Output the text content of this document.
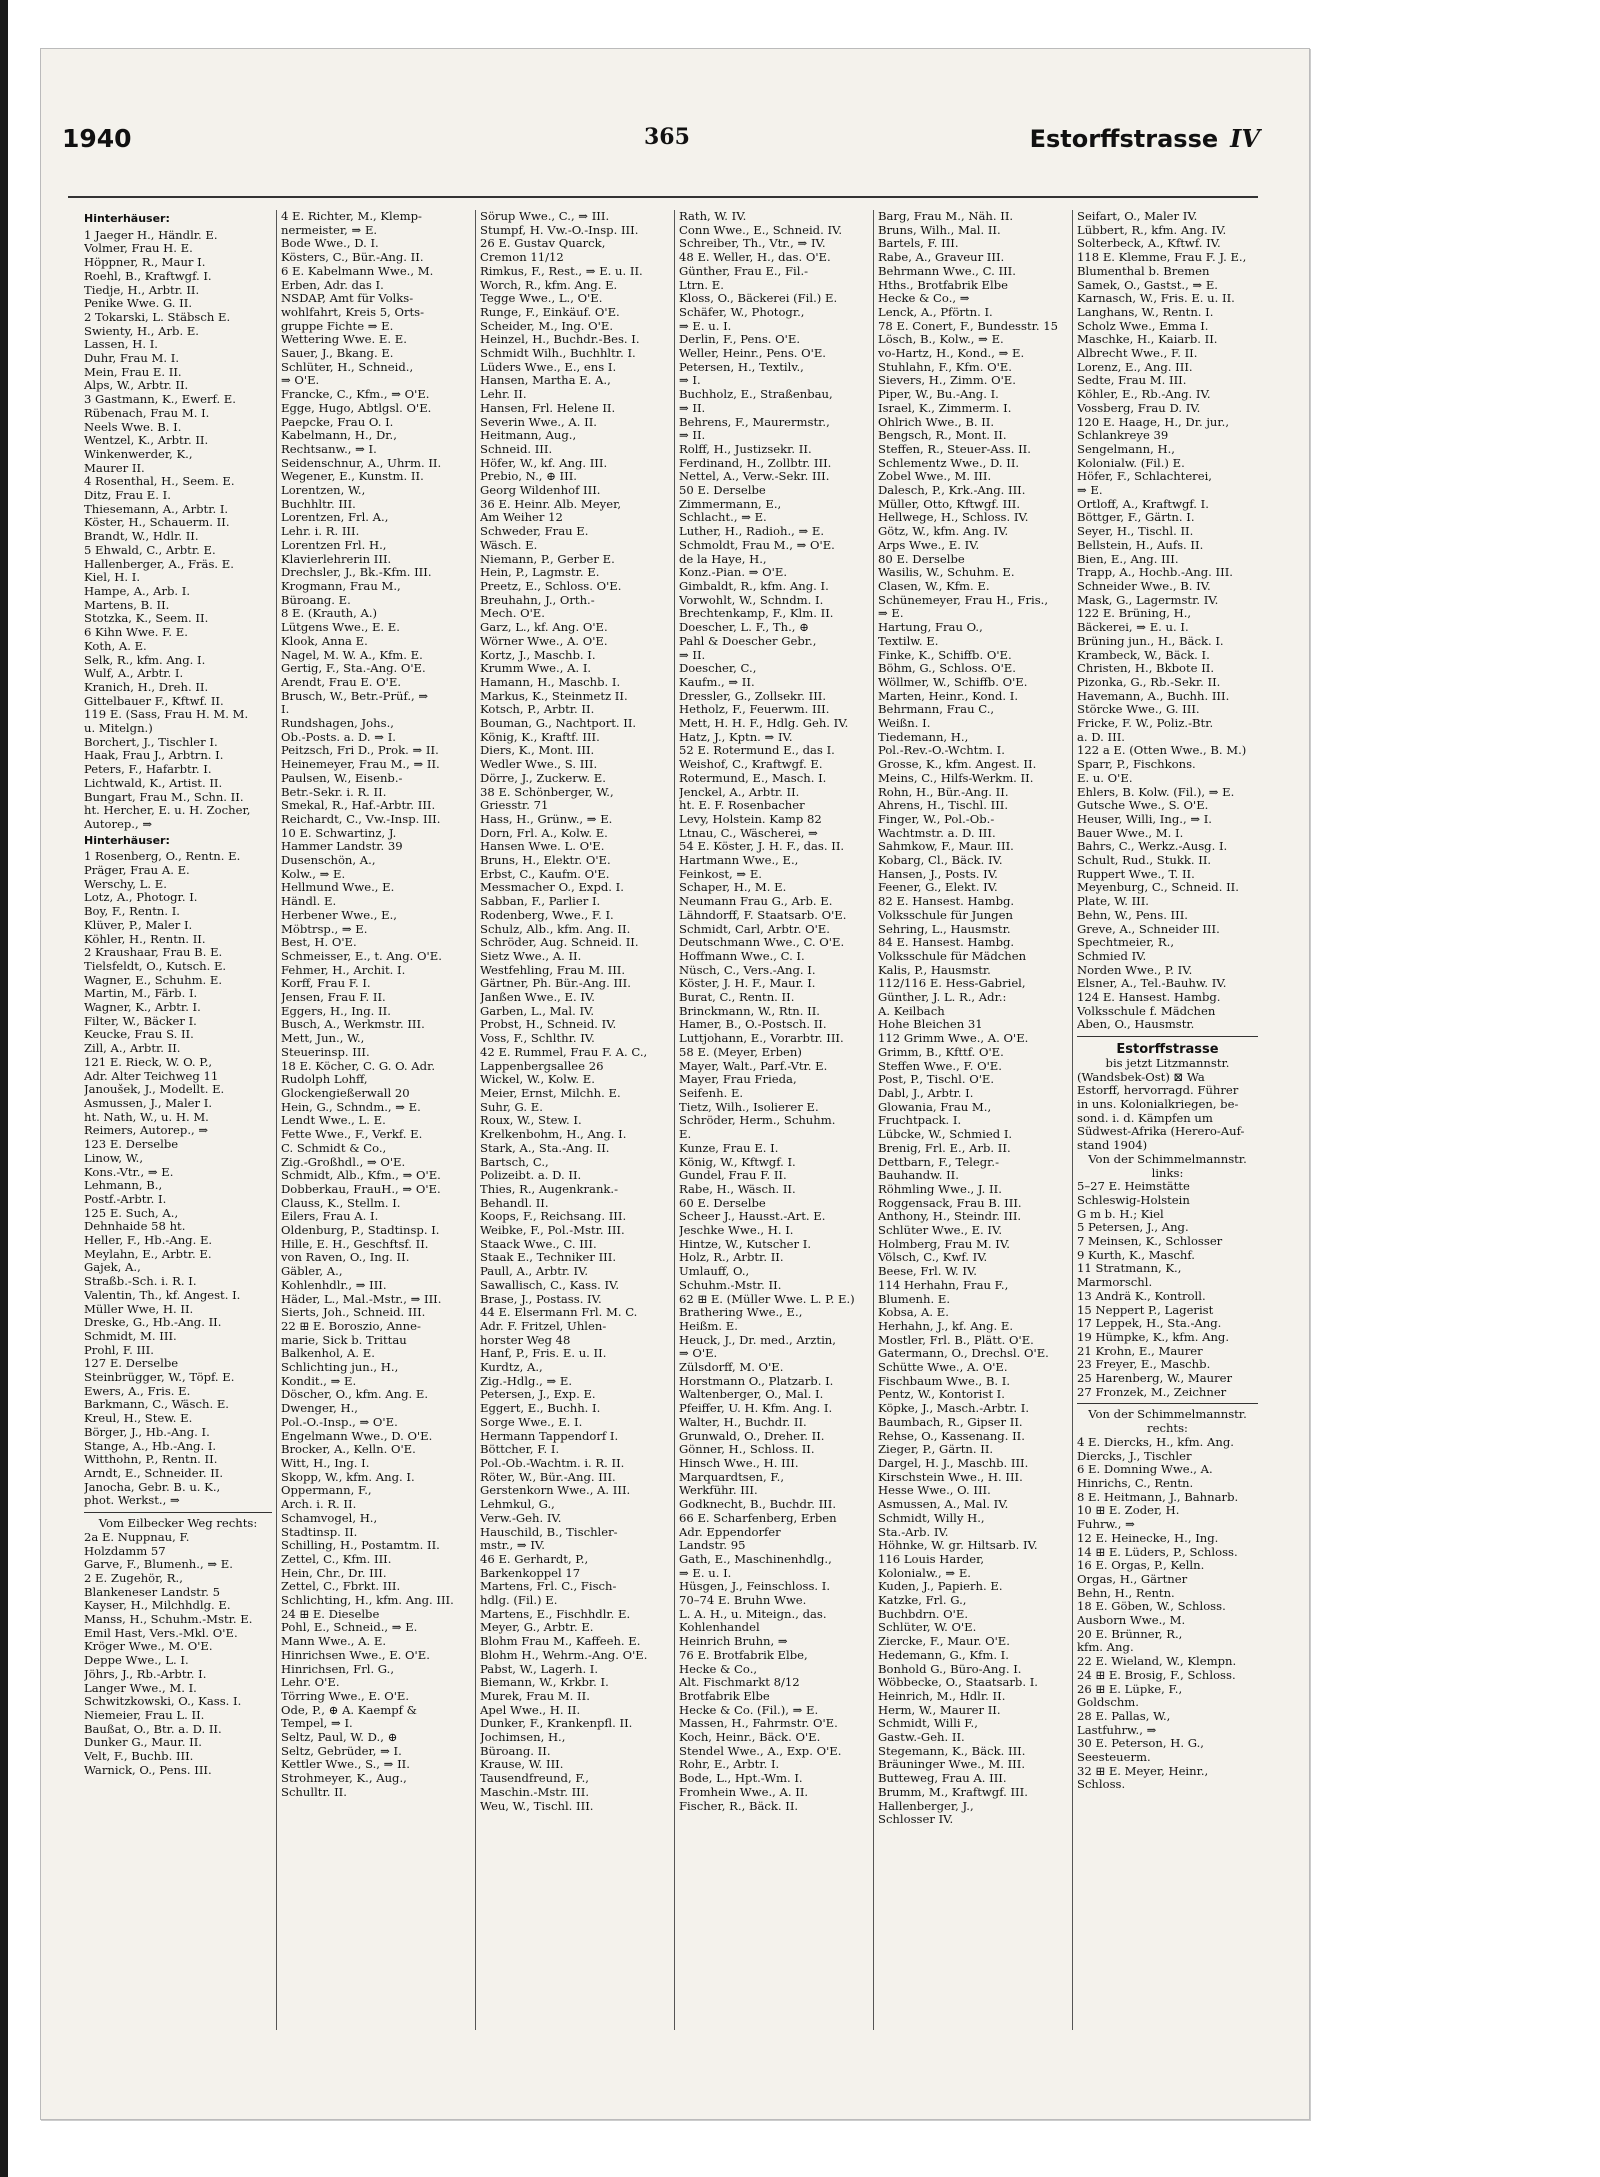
1940	365	Estorffstrasse IV
Hinterhäuser:
1 Jaeger H., Händlr. E.
Volmer, Frau H. E.
Höppner, R., Maur I.
Roehl, B., Kraftwgf. I.
Tiedje, H., Arbtr. II.
Penike Wwe. G. II.
2 Tokarski, L. Stäbsch E.
Swienty, H., Arb. E.
Lassen, H. I.
Duhr, Frau M. I.
Mein, Frau E. II.
Alps, W., Arbtr. II.
3 Gastmann, K., Ewerf. E.
Rübenach, Frau M. I.
Neels Wwe. B. I.
Wentzel, K., Arbtr. II.
Winkenwerder, K.,
Maurer II.
4 Rosenthal, H., Seem. E.
Ditz, Frau E. I.
Thiesemann, A., Arbtr. I.
Köster, H., Schauerm. II.
Brandt, W., Hdlr. II.
5 Ehwald, C., Arbtr. E.
Hallenberger, A., Fräs. E.
Kiel, H. I.
Hampe, A., Arb. I.
Martens, B. II.
Stotzka, K., Seem. II.
6 Kihn Wwe. F. E.
Koth, A. E.
Selk, R., kfm. Ang. I.
Wulf, A., Arbtr. I.
Kranich, H., Dreh. II.
Gittelbauer F., Kftwf. II.
119 E. (Sass, Frau H. M. M.
u. Mitelgn.)
Borchert, J., Tischler I.
Haak, Frau J., Arbtrn. I.
Peters, F., Hafarbtr. I.
Lichtwald, K., Artist. II.
Bungart, Frau M., Schn. II.
ht. Hercher, E. u. H. Zocher,
Autorep., ⇒
Hinterhäuser:
1 Rosenberg, O., Rentn. E.
Präger, Frau A. E.
Werschy, L. E.
Lotz, A., Photogr. I.
Boy, F., Rentn. I.
Klüver, P., Maler I.
Köhler, H., Rentn. II.
2 Kraushaar, Frau B. E.
Tielsfeldt, O., Kutsch. E.
Wagner, E., Schuhm. E.
Martin, M., Färb. I.
Wagner, K., Arbtr. I.
Filter, W., Bäcker I.
Keucke, Frau S. II.
Zill, A., Arbtr. II.
121 E. Rieck, W. O. P.,
Adr. Alter Teichweg 11
Janoušek, J., Modellt. E.
Asmussen, J., Maler I.
ht. Nath, W., u. H. M.
Reimers, Autorep., ⇒
123 E. Derselbe
Linow, W.,
Kons.-Vtr., ⇒ E.
Lehmann, B.,
Postf.-Arbtr. I.
125 E. Such, A.,
Dehnhaide 58 ht.
Heller, F., Hb.-Ang. E.
Meylahn, E., Arbtr. E.
Gajek, A.,
Straßb.-Sch. i. R. I.
Valentin, Th., kf. Angest. I.
Müller Wwe, H. II.
Dreske, G., Hb.-Ang. II.
Schmidt, M. III.
Prohl, F. III.
127 E. Derselbe
Steinbrügger, W., Töpf. E.
Ewers, A., Fris. E.
Barkmann, C., Wäsch. E.
Kreul, H., Stew. E.
Börger, J., Hb.-Ang. I.
Stange, A., Hb.-Ang. I.
Witthohn, P., Rentn. II.
Arndt, E., Schneider. II.
Janocha, Gebr. B. u. K.,
phot. Werkst., ⇒
Vom Eilbecker Weg rechts:
2a E. Nuppnau, F.
Holzdamm 57
Garve, F., Blumenh., ⇒ E.
2 E. Zugehör, R.,
Blankeneser Landstr. 5
Kayser, H., Milchhdlg. E.
Manss, H., Schuhm.-Mstr. E.
Emil Hast, Vers.-Mkl. O'E.
Kröger Wwe., M. O'E.
Deppe Wwe., L. I.
Jöhrs, J., Rb.-Arbtr. I.
Langer Wwe., M. I.
Schwitzkowski, O., Kass. I.
Niemeier, Frau L. II.
Baußat, O., Btr. a. D. II.
Dunker G., Maur. II.
Velt, F., Buchb. III.
Warnick, O., Pens. III.
4 E. Richter, M., Klemp-
nermeister, ⇒ E.
Bode Wwe., D. I.
Kösters, C., Bür.-Ang. II.
6 E. Kabelmann Wwe., M.
Erben, Adr. das I.
NSDAP, Amt für Volks-
wohlfahrt, Kreis 5, Orts-
gruppe Fichte ⇒ E.
Wettering Wwe. E. E.
Sauer, J., Bkang. E.
Schlüter, H., Schneid.,
⇒ O'E.
Francke, C., Kfm., ⇒ O'E.
Egge, Hugo, Abtlgsl. O'E.
Paepcke, Frau O. I.
Kabelmann, H., Dr.,
Rechtsanw., ⇒ I.
Seidenschnur, A., Uhrm. II.
Wegener, E., Kunstm. II.
Lorentzen, W.,
Buchhltr. III.
Lorentzen, Frl. A.,
Lehr. i. R. III.
Lorentzen Frl. H.,
Klavierlehrerin III.
Drechsler, J., Bk.-Kfm. III.
Krogmann, Frau M.,
Büroang. E.
8 E. (Krauth, A.)
Lütgens Wwe., E. E.
Klook, Anna E.
Nagel, M. W. A., Kfm. E.
Gertig, F., Sta.-Ang. O'E.
Arendt, Frau E. O'E.
Brusch, W., Betr.-Prüf., ⇒
I.
Rundshagen, Johs.,
Ob.-Posts. a. D. ⇒ I.
Peitzsch, Fri D., Prok. ⇒ II.
Heinemeyer, Frau M., ⇒ II.
Paulsen, W., Eisenb.-
Betr.-Sekr. i. R. II.
Smekal, R., Haf.-Arbtr. III.
Reichardt, C., Vw.-Insp. III.
10 E. Schwartinz, J.
Hammer Landstr. 39
Dusenschön, A.,
Kolw., ⇒ E.
Hellmund Wwe., E.
Händl. E.
Herbener Wwe., E.,
Möbtrsp., ⇒ E.
Best, H. O'E.
Schmeisser, E., t. Ang. O'E.
Fehmer, H., Archit. I.
Korff, Frau F. I.
Jensen, Frau F. II.
Eggers, H., Ing. II.
Busch, A., Werkmstr. III.
Mett, Jun., W.,
Steuerinsp. III.
18 E. Köcher, C. G. O. Adr.
Rudolph Lohff,
Glockengießerwall 20
Hein, G., Schndm., ⇒ E.
Lendt Wwe., L. E.
Fette Wwe., F., Verkf. E.
C. Schmidt & Co.,
Zig.-Großhdl., ⇒ O'E.
Schmidt, Alb., Kfm., ⇒ O'E.
Dobberkau, FrauH., ⇒ O'E.
Clauss, K., Stellm. I.
Eilers, Frau A. I.
Oldenburg, P., Stadtinsp. I.
Hille, E. H., Geschftsf. II.
von Raven, O., Ing. II.
Gäbler, A.,
Kohlenhdlr., ⇒ III.
Häder, L., Mal.-Mstr., ⇒ III.
Sierts, Joh., Schneid. III.
22 ⊞ E. Boroszio, Anne-
marie, Sick b. Trittau
Balkenhol, A. E.
Schlichting jun., H.,
Kondit., ⇒ E.
Döscher, O., kfm. Ang. E.
Dwenger, H.,
Pol.-O.-Insp., ⇒ O'E.
Engelmann Wwe., D. O'E.
Brocker, A., Kelln. O'E.
Witt, H., Ing. I.
Skopp, W., kfm. Ang. I.
Oppermann, F.,
Arch. i. R. II.
Schamvogel, H.,
Stadtinsp. II.
Schilling, H., Postamtm. II.
Zettel, C., Kfm. III.
Hein, Chr., Dr. III.
Zettel, C., Fbrkt. III.
Schlichting, H., kfm. Ang. III.
24 ⊞ E. Dieselbe
Pohl, E., Schneid., ⇒ E.
Mann Wwe., A. E.
Hinrichsen Wwe., E. O'E.
Hinrichsen, Frl. G.,
Lehr. O'E.
Törring Wwe., E. O'E.
Ode, P., ⊕ A. Kaempf &
Tempel, ⇒ I.
Seltz, Paul, W. D., ⊕
Seltz, Gebrüder, ⇒ I.
Kettler Wwe., S., ⇒ II.
Strohmeyer, K., Aug.,
Schulltr. II.
Sörup Wwe., C., ⇒ III.
Stumpf, H. Vw.-O.-Insp. III.
26 E. Gustav Quarck,
Cremon 11/12
Rimkus, F., Rest., ⇒ E. u. II.
Worch, R., kfm. Ang. E.
Tegge Wwe., L., O'E.
Runge, F., Einkäuf. O'E.
Scheider, M., Ing. O'E.
Heinzel, H., Buchdr.-Bes. I.
Schmidt Wilh., Buchhltr. I.
Lüders Wwe., E., ens I.
Hansen, Martha E. A.,
Lehr. II.
Hansen, Frl. Helene II.
Severin Wwe., A. II.
Heitmann, Aug.,
Schneid. III.
Höfer, W., kf. Ang. III.
Prebio, N., ⊕ III.
Georg Wildenhof III.
36 E. Heinr. Alb. Meyer,
Am Weiher 12
Schweder, Frau E.
Wäsch. E.
Niemann, P., Gerber E.
Hein, P., Lagmstr. E.
Preetz, E., Schloss. O'E.
Breuhahn, J., Orth.-
Mech. O'E.
Garz, L., kf. Ang. O'E.
Wörner Wwe., A. O'E.
Kortz, J., Maschb. I.
Krumm Wwe., A. I.
Hamann, H., Maschb. I.
Markus, K., Steinmetz II.
Kotsch, P., Arbtr. II.
Bouman, G., Nachtport. II.
König, K., Kraftf. III.
Diers, K., Mont. III.
Wedler Wwe., S. III.
Dörre, J., Zuckerw. E.
38 E. Schönberger, W.,
Griesstr. 71
Hass, H., Grünw., ⇒ E.
Dorn, Frl. A., Kolw. E.
Hansen Wwe. L. O'E.
Bruns, H., Elektr. O'E.
Erbst, C., Kaufm. O'E.
Messmacher O., Expd. I.
Sabban, F., Parlier I.
Rodenberg, Wwe., F. I.
Schulz, Alb., kfm. Ang. II.
Schröder, Aug. Schneid. II.
Sietz Wwe., A. II.
Westfehling, Frau M. III.
Gärtner, Ph. Bür.-Ang. III.
Janßen Wwe., E. IV.
Garben, L., Mal. IV.
Probst, H., Schneid. IV.
Voss, F., Schlthr. IV.
42 E. Rummel, Frau F. A. C.,
Lappenbergsallee 26
Wickel, W., Kolw. E.
Meier, Ernst, Milchh. E.
Suhr, G. E.
Roux, W., Stew. I.
Krelkenbohm, H., Ang. I.
Stark, A., Sta.-Ang. II.
Bartsch, C.,
Polizeibt. a. D. II.
Thies, R., Augenkrank.-
Behandl. II.
Koops, F., Reichsang. III.
Weibke, F., Pol.-Mstr. III.
Staack Wwe., C. III.
Staak E., Techniker III.
Paull, A., Arbtr. IV.
Sawallisch, C., Kass. IV.
Brase, J., Postass. IV.
44 E. Elsermann Frl. M. C.
Adr. F. Fritzel, Uhlen-
horster Weg 48
Hanf, P., Fris. E. u. II.
Kurdtz, A.,
Zig.-Hdlg., ⇒ E.
Petersen, J., Exp. E.
Eggert, E., Buchh. I.
Sorge Wwe., E. I.
Hermann Tappendorf I.
Böttcher, F. I.
Pol.-Ob.-Wachtm. i. R. II.
Röter, W., Bür.-Ang. III.
Gerstenkorn Wwe., A. III.
Lehmkul, G.,
Verw.-Geh. IV.
Hauschild, B., Tischler-
mstr., ⇒ IV.
46 E. Gerhardt, P.,
Barkenkoppel 17
Martens, Frl. C., Fisch-
hdlg. (Fil.) E.
Martens, E., Fischhdlr. E.
Meyer, G., Arbtr. E.
Blohm Frau M., Kaffeeh. E.
Blohm H., Wehrm.-Ang. O'E.
Pabst, W., Lagerh. I.
Biemann, W., Krkbr. I.
Murek, Frau M. II.
Apel Wwe., H. II.
Dunker, F., Krankenpfl. II.
Jochimsen, H.,
Büroang. II.
Krause, W. III.
Tausendfreund, F.,
Maschin.-Mstr. III.
Weu, W., Tischl. III.
Rath, W. IV.
Conn Wwe., E., Schneid. IV.
Schreiber, Th., Vtr., ⇒ IV.
48 E. Weller, H., das. O'E.
Günther, Frau E., Fil.-
Ltrn. E.
Kloss, O., Bäckerei (Fil.) E.
Schäfer, W., Photogr.,
⇒ E. u. I.
Derlin, F., Pens. O'E.
Weller, Heinr., Pens. O'E.
Petersen, H., Textilv.,
⇒ I.
Buchholz, E., Straßenbau,
⇒ II.
Behrens, F., Maurermstr.,
⇒ II.
Rolff, H., Justizsekr. II.
Ferdinand, H., Zollbtr. III.
Nettel, A., Verw.-Sekr. III.
50 E. Derselbe
Zimmermann, E.,
Schlacht., ⇒ E.
Luther, H., Radioh., ⇒ E.
Schmoldt, Frau M., ⇒ O'E.
de la Haye, H.,
Konz.-Pian. ⇒ O'E.
Gimbaldt, R., kfm. Ang. I.
Vorwohlt, W., Schndm. I.
Brechtenkamp, F., Klm. II.
Doescher, L. F., Th., ⊕
Pahl & Doescher Gebr.,
⇒ II.
Doescher, C.,
Kaufm., ⇒ II.
Dressler, G., Zollsekr. III.
Hetholz, F., Feuerwm. III.
Mett, H. H. F., Hdlg. Geh. IV.
Hatz, J., Kptn. ⇒ IV.
52 E. Rotermund E., das I.
Weishof, C., Kraftwgf. E.
Rotermund, E., Masch. I.
Jenckel, A., Arbtr. II.
ht. E. F. Rosenbacher
Levy, Holstein. Kamp 82
Ltnau, C., Wäscherei, ⇒
54 E. Köster, J. H. F., das. II.
Hartmann Wwe., E.,
Feinkost, ⇒ E.
Schaper, H., M. E.
Neumann Frau G., Arb. E.
Lähndorff, F. Staatsarb. O'E.
Schmidt, Carl, Arbtr. O'E.
Deutschmann Wwe., C. O'E.
Hoffmann Wwe., C. I.
Nüsch, C., Vers.-Ang. I.
Köster, J. H. F., Maur. I.
Burat, C., Rentn. II.
Brinckmann, W., Rtn. II.
Hamer, B., O.-Postsch. II.
Luttjohann, E., Vorarbtr. III.
58 E. (Meyer, Erben)
Mayer, Walt., Parf.-Vtr. E.
Mayer, Frau Frieda,
Seifenh. E.
Tietz, Wilh., Isolierer E.
Schröder, Herm., Schuhm.
E.
Kunze, Frau E. I.
König, W., Kftwgf. I.
Gundel, Frau F. II.
Rabe, H., Wäsch. II.
60 E. Derselbe
Scheer J., Hausst.-Art. E.
Jeschke Wwe., H. I.
Hintze, W., Kutscher I.
Holz, R., Arbtr. II.
Umlauff, O.,
Schuhm.-Mstr. II.
62 ⊞ E. (Müller Wwe. L. P. E.)
Brathering Wwe., E.,
Heißm. E.
Heuck, J., Dr. med., Arztin,
⇒ O'E.
Zülsdorff, M. O'E.
Horstmann O., Platzarb. I.
Waltenberger, O., Mal. I.
Pfeiffer, U. H. Kfm. Ang. I.
Walter, H., Buchdr. II.
Grunwald, O., Dreher. II.
Gönner, H., Schloss. II.
Hinsch Wwe., H. III.
Marquardtsen, F.,
Werkführ. III.
Godknecht, B., Buchdr. III.
66 E. Scharfenberg, Erben
Adr. Eppendorfer
Landstr. 95
Gath, E., Maschinenhdlg.,
⇒ E. u. I.
Hüsgen, J., Feinschloss. I.
70–74 E. Bruhn Wwe.
L. A. H., u. Miteign., das.
Kohlenhandel
Heinrich Bruhn, ⇒
76 E. Brotfabrik Elbe,
Hecke & Co.,
Alt. Fischmarkt 8/12
Brotfabrik Elbe
Hecke & Co. (Fil.), ⇒ E.
Massen, H., Fahrmstr. O'E.
Koch, Heinr., Bäck. O'E.
Stendel Wwe., A., Exp. O'E.
Rohr, E., Arbtr. I.
Bode, L., Hpt.-Wm. I.
Fromhein Wwe., A. II.
Fischer, R., Bäck. II.
Barg, Frau M., Näh. II.
Bruns, Wilh., Mal. II.
Bartels, F. III.
Rabe, A., Graveur III.
Behrmann Wwe., C. III.
Hths., Brotfabrik Elbe
Hecke & Co., ⇒
Lenck, A., Pförtn. I.
78 E. Conert, F., Bundesstr. 15
Lösch, B., Kolw., ⇒ E.
vo-Hartz, H., Kond., ⇒ E.
Stuhlahn, F., Kfm. O'E.
Sievers, H., Zimm. O'E.
Piper, W., Bu.-Ang. I.
Israel, K., Zimmerm. I.
Ohlrich Wwe., B. II.
Bengsch, R., Mont. II.
Steffen, R., Steuer-Ass. II.
Schlementz Wwe., D. II.
Zobel Wwe., M. III.
Dalesch, P., Krk.-Ang. III.
Müller, Otto, Kftwgf. III.
Hellwege, H., Schloss. IV.
Götz, W., kfm. Ang. IV.
Arps Wwe., E. IV.
80 E. Derselbe
Wasilis, W., Schuhm. E.
Clasen, W., Kfm. E.
Schünemeyer, Frau H., Fris.,
⇒ E.
Hartung, Frau O.,
Textilw. E.
Finke, K., Schiffb. O'E.
Böhm, G., Schloss. O'E.
Wöllmer, W., Schiffb. O'E.
Marten, Heinr., Kond. I.
Behrmann, Frau C.,
Weißn. I.
Tiedemann, H.,
Pol.-Rev.-O.-Wchtm. I.
Grosse, K., kfm. Angest. II.
Meins, C., Hilfs-Werkm. II.
Rohn, H., Bür.-Ang. II.
Ahrens, H., Tischl. III.
Finger, W., Pol.-Ob.-
Wachtmstr. a. D. III.
Sahmkow, F., Maur. III.
Kobarg, Cl., Bäck. IV.
Hansen, J., Posts. IV.
Feener, G., Elekt. IV.
82 E. Hansest. Hambg.
Volksschule für Jungen
Sehring, L., Hausmstr.
84 E. Hansest. Hambg.
Volksschule für Mädchen
Kalis, P., Hausmstr.
112/116 E. Hess-Gabriel,
Günther, J. L. R., Adr.:
A. Keilbach
Hohe Bleichen 31
112 Grimm Wwe., A. O'E.
Grimm, B., Kfttf. O'E.
Steffen Wwe., F. O'E.
Post, P., Tischl. O'E.
Dabl, J., Arbtr. I.
Glowania, Frau M.,
Fruchtpack. I.
Lübcke, W., Schmied I.
Brenig, Frl. E., Arb. II.
Dettbarn, F., Telegr.-
Bauhandw. II.
Röhmling Wwe., J. II.
Roggensack, Frau B. III.
Anthony, H., Steindr. III.
Schlüter Wwe., E. IV.
Holmberg, Frau M. IV.
Völsch, C., Kwf. IV.
Beese, Frl. W. IV.
114 Herhahn, Frau F.,
Blumenh. E.
Kobsa, A. E.
Herhahn, J., kf. Ang. E.
Mostler, Frl. B., Plätt. O'E.
Gatermann, O., Drechsl. O'E.
Schütte Wwe., A. O'E.
Fischbaum Wwe., B. I.
Pentz, W., Kontorist I.
Köpke, J., Masch.-Arbtr. I.
Baumbach, R., Gipser II.
Rehse, O., Kassenang. II.
Zieger, P., Gärtn. II.
Dargel, H. J., Maschb. III.
Kirschstein Wwe., H. III.
Hesse Wwe., O. III.
Asmussen, A., Mal. IV.
Schmidt, Willy H.,
Sta.-Arb. IV.
Höhnke, W. gr. Hiltsarb. IV.
116 Louis Harder,
Kolonialw., ⇒ E.
Kuden, J., Papierh. E.
Katzke, Frl. G.,
Buchbdrn. O'E.
Schlüter, W. O'E.
Ziercke, F., Maur. O'E.
Hedemann, G., Kfm. I.
Bonhold G., Büro-Ang. I.
Wöbbecke, O., Staatsarb. I.
Heinrich, M., Hdlr. II.
Herm, W., Maurer II.
Schmidt, Willi F.,
Gastw.-Geh. II.
Stegemann, K., Bäck. III.
Bräuninger Wwe., M. III.
Butteweg, Frau A. III.
Brumm, M., Kraftwgf. III.
Hallenberger, J.,
Schlosser IV.
Seifart, O., Maler IV.
Lübbert, R., kfm. Ang. IV.
Solterbeck, A., Kftwf. IV.
118 E. Klemme, Frau F. J. E.,
Blumenthal b. Bremen
Samek, O., Gastst., ⇒ E.
Karnasch, W., Fris. E. u. II.
Langhans, W., Rentn. I.
Scholz Wwe., Emma I.
Maschke, H., Kaiarb. II.
Albrecht Wwe., F. II.
Lorenz, E., Ang. III.
Sedte, Frau M. III.
Köhler, E., Rb.-Ang. IV.
Vossberg, Frau D. IV.
120 E. Haage, H., Dr. jur.,
Schlankreye 39
Sengelmann, H.,
Kolonialw. (Fil.) E.
Höfer, F., Schlachterei,
⇒ E.
Ortloff, A., Kraftwgf. I.
Böttger, F., Gärtn. I.
Seyer, H., Tischl. II.
Bellstein, H., Aufs. II.
Bien, E., Ang. III.
Trapp, A., Hochb.-Ang. III.
Schneider Wwe., B. IV.
Mask, G., Lagermstr. IV.
122 E. Brüning, H.,
Bäckerei, ⇒ E. u. I.
Brüning jun., H., Bäck. I.
Krambeck, W., Bäck. I.
Christen, H., Bkbote II.
Pizonka, G., Rb.-Sekr. II.
Havemann, A., Buchh. III.
Störcke Wwe., G. III.
Fricke, F. W., Poliz.-Btr.
a. D. III.
122 a E. (Otten Wwe., B. M.)
Sparr, P., Fischkons.
E. u. O'E.
Ehlers, B. Kolw. (Fil.), ⇒ E.
Gutsche Wwe., S. O'E.
Heuser, Willi, Ing., ⇒ I.
Bauer Wwe., M. I.
Bahrs, C., Werkz.-Ausg. I.
Schult, Rud., Stukk. II.
Ruppert Wwe., T. II.
Meyenburg, C., Schneid. II.
Plate, W. III.
Behn, W., Pens. III.
Greve, A., Schneider III.
Spechtmeier, R.,
Schmied IV.
Norden Wwe., P. IV.
Elsner, A., Tel.-Bauhw. IV.
124 E. Hansest. Hambg.
Volksschule f. Mädchen
Aben, O., Hausmstr.
Estorffstrasse
bis jetzt Litzmannstr.
(Wandsbek-Ost) ⊠ Wa
Estorff, hervorragd. Führer
in uns. Kolonialkriegen, be-
sond. i. d. Kämpfen um
Südwest-Afrika (Herero-Auf-
stand 1904)
Von der Schimmelmannstr.
links:
5–27 E. Heimstätte
Schleswig-Holstein
G m b. H.; Kiel
5 Petersen, J., Ang.
7 Meinsen, K., Schlosser
9 Kurth, K., Maschf.
11 Stratmann, K.,
Marmorschl.
13 Andrä K., Kontroll.
15 Neppert P., Lagerist
17 Leppek, H., Sta.-Ang.
19 Hümpke, K., kfm. Ang.
21 Krohn, E., Maurer
23 Freyer, E., Maschb.
25 Harenberg, W., Maurer
27 Fronzek, M., Zeichner
Von der Schimmelmannstr.
rechts:
4 E. Diercks, H., kfm. Ang.
Diercks, J., Tischler
6 E. Domning Wwe., A.
Hinrichs, C., Rentn.
8 E. Heitmann, J., Bahnarb.
10 ⊞ E. Zoder, H.
Fuhrw., ⇒
12 E. Heinecke, H., Ing.
14 ⊞ E. Lüders, P., Schloss.
16 E. Orgas, P., Kelln.
Orgas, H., Gärtner
Behn, H., Rentn.
18 E. Göben, W., Schloss.
Ausborn Wwe., M.
20 E. Brünner, R.,
kfm. Ang.
22 E. Wieland, W., Klempn.
24 ⊞ E. Brosig, F., Schloss.
26 ⊞ E. Lüpke, F.,
Goldschm.
28 E. Pallas, W.,
Lastfuhrw., ⇒
30 E. Peterson, H. G.,
Seesteuerm.
32 ⊞ E. Meyer, Heinr.,
Schloss.
